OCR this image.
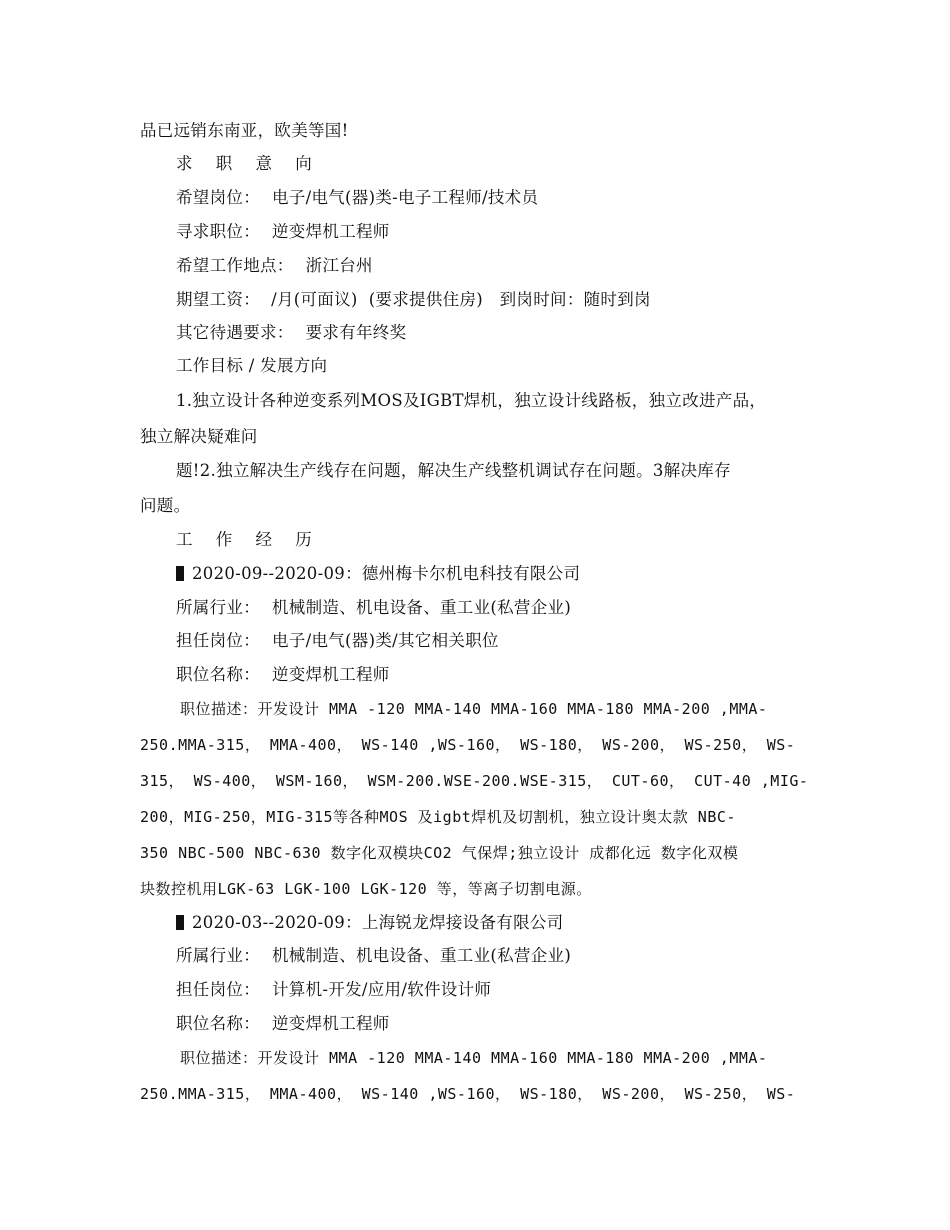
品已远销东南亚，欧美等国!
求 职 意 向
希望岗位： 电子/电气(器)类-电子工程师/技术员
寻求职位： 逆变焊机工程师
希望工作地点： 浙江台州
期望工资：  /月(可面议)  (要求提供住房)   到岗时间：随时到岗
其它待遇要求： 要求有年终奖
工作目标 / 发展方向
1.独立设计各种逆变系列MOS及IGBT焊机，独立设计线路板，独立改进产品，
独立解决疑难问
题!2.独立解决生产线存在问题，解决生产线整机调试存在问题。3解决库存
问题。
工 作 经 历
2020-09--2020-09：德州梅卡尔机电科技有限公司
所属行业： 机械制造、机电设备、重工业(私营企业)
担任岗位： 电子/电气(器)类/其它相关职位
职位名称： 逆变焊机工程师
职位描述：开发设计 MMA -120 MMA-140 MMA-160 MMA-180 MMA-200 ,MMA-
250.MMA-315， MMA-400， WS-140 ,WS-160， WS-180， WS-200， WS-250， WS-
315， WS-400， WSM-160， WSM-200.WSE-200.WSE-315， CUT-60， CUT-40 ,MIG-
200，MIG-250，MIG-315等各种MOS 及igbt焊机及切割机，独立设计奥太款 NBC-
350 NBC-500 NBC-630 数字化双模块CO2 气保焊;独立设计 成都化远 数字化双模
块数控机用LGK-63 LGK-100 LGK-120 等，等离子切割电源。
2020-03--2020-09：上海锐龙焊接设备有限公司
所属行业： 机械制造、机电设备、重工业(私营企业)
担任岗位： 计算机-开发/应用/软件设计师
职位名称： 逆变焊机工程师
职位描述：开发设计 MMA -120 MMA-140 MMA-160 MMA-180 MMA-200 ,MMA-
250.MMA-315， MMA-400， WS-140 ,WS-160， WS-180， WS-200， WS-250， WS-
